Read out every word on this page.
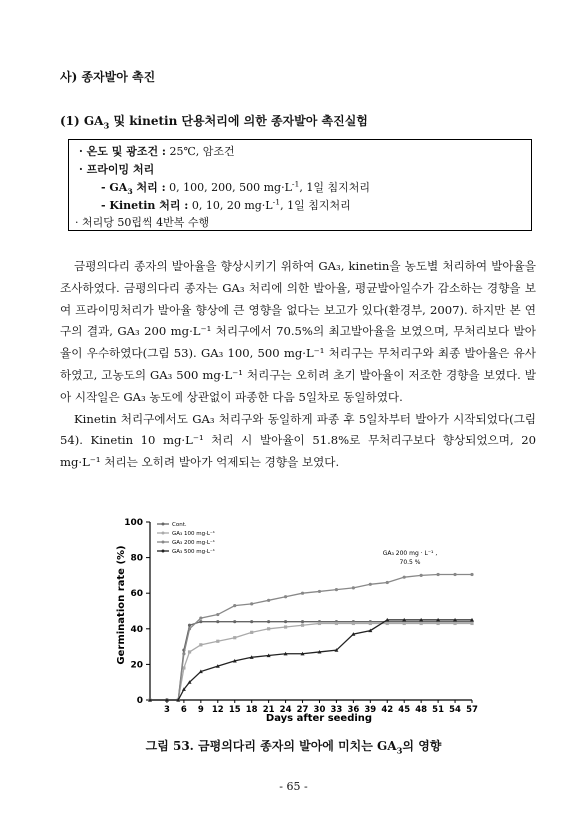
사) 종자발아 촉진
(1) $GA_3$ 및 kinetin 단용처리에 의한 종자발아 촉진실험
· 온도 및 광조건 : 25℃, 암조건
· 프라이밍 처리
- $GA_3$ 처리 : 0, 100, 200, 500 $mg\cdot L^{-1}$, 1일 침지처리
- Kinetin 처리 : 0, 10, 20 $mg\cdot L^{-1}$, 1일 침지처리
· 처리당 50립씩 4반복 수행

금평의다리 종자의 발아율을 향상시키기 위하여 GA₃, kinetin을 농도별 처리하여 발아율을 조사하였다. 금평의다리 종자는 GA₃ 처리에 의한 발아율, 평균발아일수가 감소하는 경향을 보여 프라이밍처리가 발아율 향상에 큰 영향을 없다는 보고가 있다(환경부, 2007). 하지만 본 연구의 결과, GA₃ 200 mg·L⁻¹ 처리구에서 70.5%의 최고발아율을 보였으며, 무처리보다 발아율이 우수하였다(그림 53). GA₃ 100, 500 mg·L⁻¹ 처리구는 무처리구와 최종 발아율은 유사하였고, 고농도의 GA₃ 500 mg·L⁻¹ 처리구는 오히려 초기 발아율이 저조한 경향을 보였다. 발아 시작일은 GA₃ 농도에 상관없이 파종한 다음 5일차로 동일하였다.

Kinetin 처리구에서도 GA₃ 처리구와 동일하게 파종 후 5일차부터 발아가 시작되었다(그림 54). Kinetin 10 mg·L⁻¹ 처리 시 발아율이 51.8%로 무처리구보다 향상되었으며, 20 mg·L⁻¹ 처리는 오히려 발아가 억제되는 경향을 보였다.

0
20
40
60
80
100
3 6 9 12 15 18 21 24 27 30 33 36 39 42 45 48 51 54 57
Cont.
GA₃ 100 mg·L⁻¹
GA₃ 200 mg·L⁻¹
GA₃ 500 mg·L⁻¹
Germination rate (%)
Days after seeding
GA₃ 200 mg · L⁻¹ ,
70.5 %
그림 53. 금평의다리 종자의 발아에 미치는 $GA_3$의 영향
- 65 -
